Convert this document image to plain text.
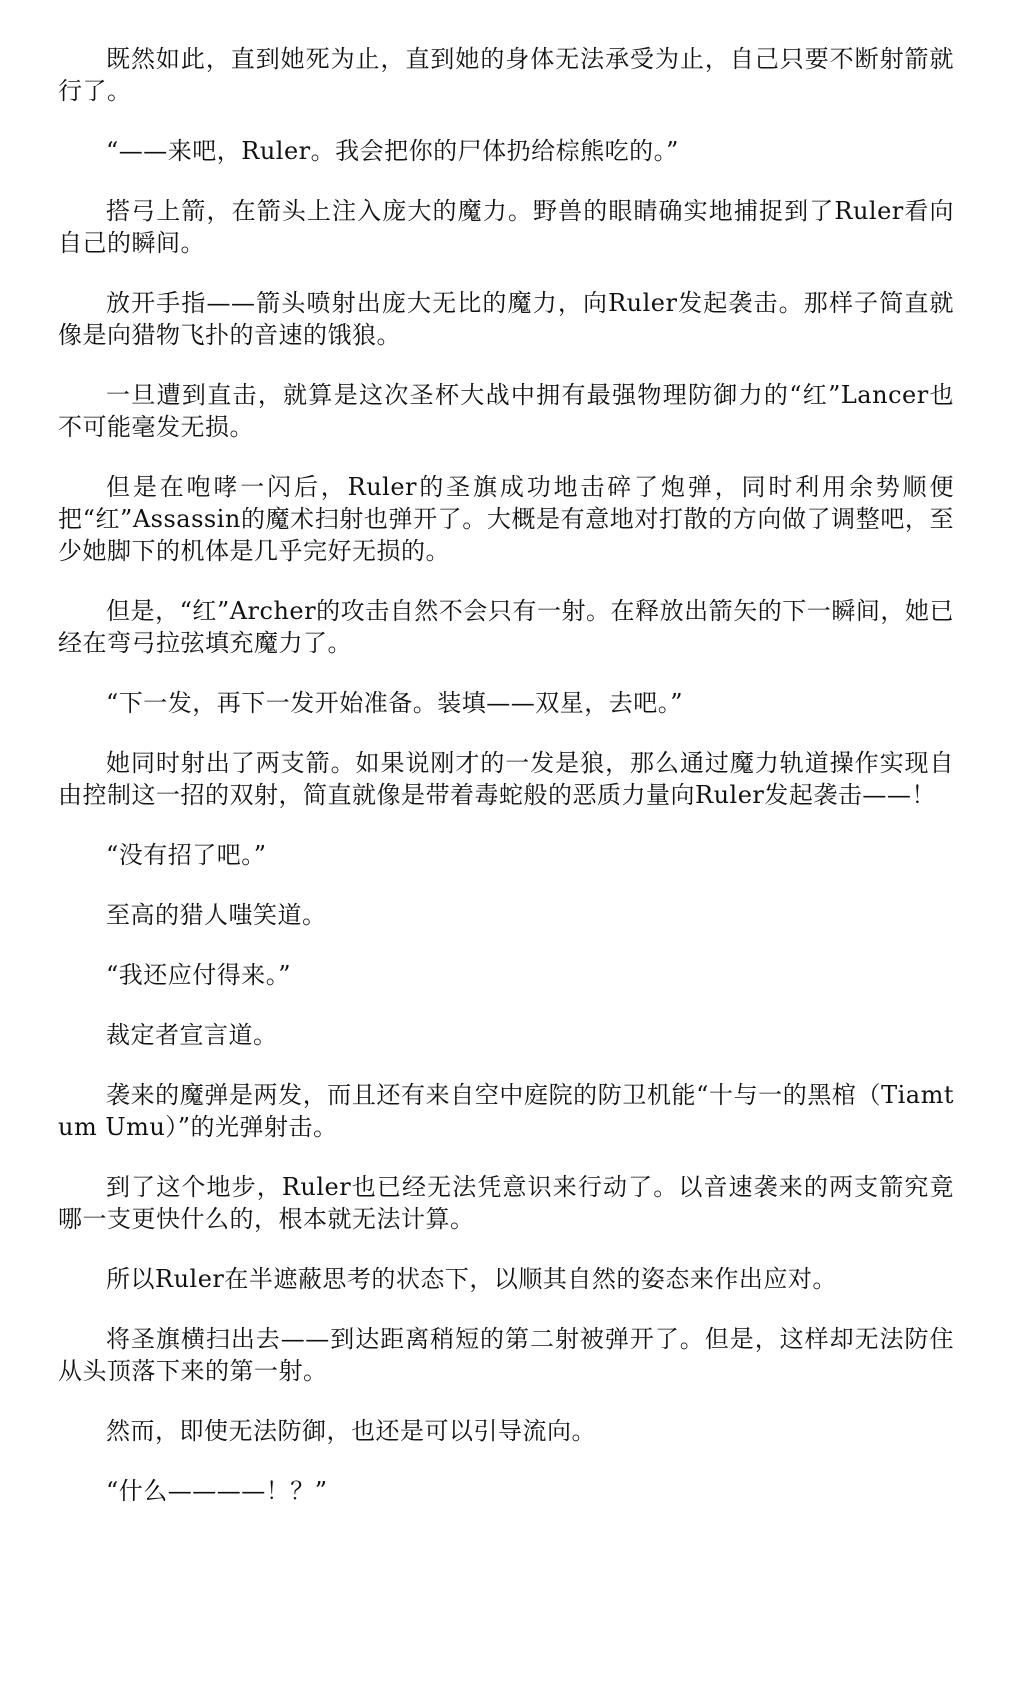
既然如此，直到她死为止，直到她的身体无法承受为止，自己只要不断射箭就行了。

“——来吧，Ruler。我会把你的尸体扔给棕熊吃的。”

搭弓上箭，在箭头上注入庞大的魔力。野兽的眼睛确实地捕捉到了Ruler看向自己的瞬间。

放开手指——箭头喷射出庞大无比的魔力，向Ruler发起袭击。那样子简直就像是向猎物飞扑的音速的饿狼。

一旦遭到直击，就算是这次圣杯大战中拥有最强物理防御力的“红”Lancer也不可能毫发无损。

但是在咆哮一闪后，Ruler的圣旗成功地击碎了炮弹，同时利用余势顺便把“红”Assassin的魔术扫射也弹开了。大概是有意地对打散的方向做了调整吧，至少她脚下的机体是几乎完好无损的。

但是，“红”Archer的攻击自然不会只有一射。在释放出箭矢的下一瞬间，她已经在弯弓拉弦填充魔力了。

“下一发，再下一发开始准备。装填——双星，去吧。”

她同时射出了两支箭。如果说刚才的一发是狼，那么通过魔力轨道操作实现自由控制这一招的双射，简直就像是带着毒蛇般的恶质力量向Ruler发起袭击——！

“没有招了吧。”

至高的猎人嗤笑道。

“我还应付得来。”

裁定者宣言道。

袭来的魔弹是两发，而且还有来自空中庭院的防卫机能“十与一的黑棺（Tiamtum Umu）”的光弹射击。

到了这个地步，Ruler也已经无法凭意识来行动了。以音速袭来的两支箭究竟哪一支更快什么的，根本就无法计算。

所以Ruler在半遮蔽思考的状态下，以顺其自然的姿态来作出应对。

将圣旗横扫出去——到达距离稍短的第二射被弹开了。但是，这样却无法防住从头顶落下来的第一射。

然而，即使无法防御，也还是可以引导流向。

“什么————！？”
